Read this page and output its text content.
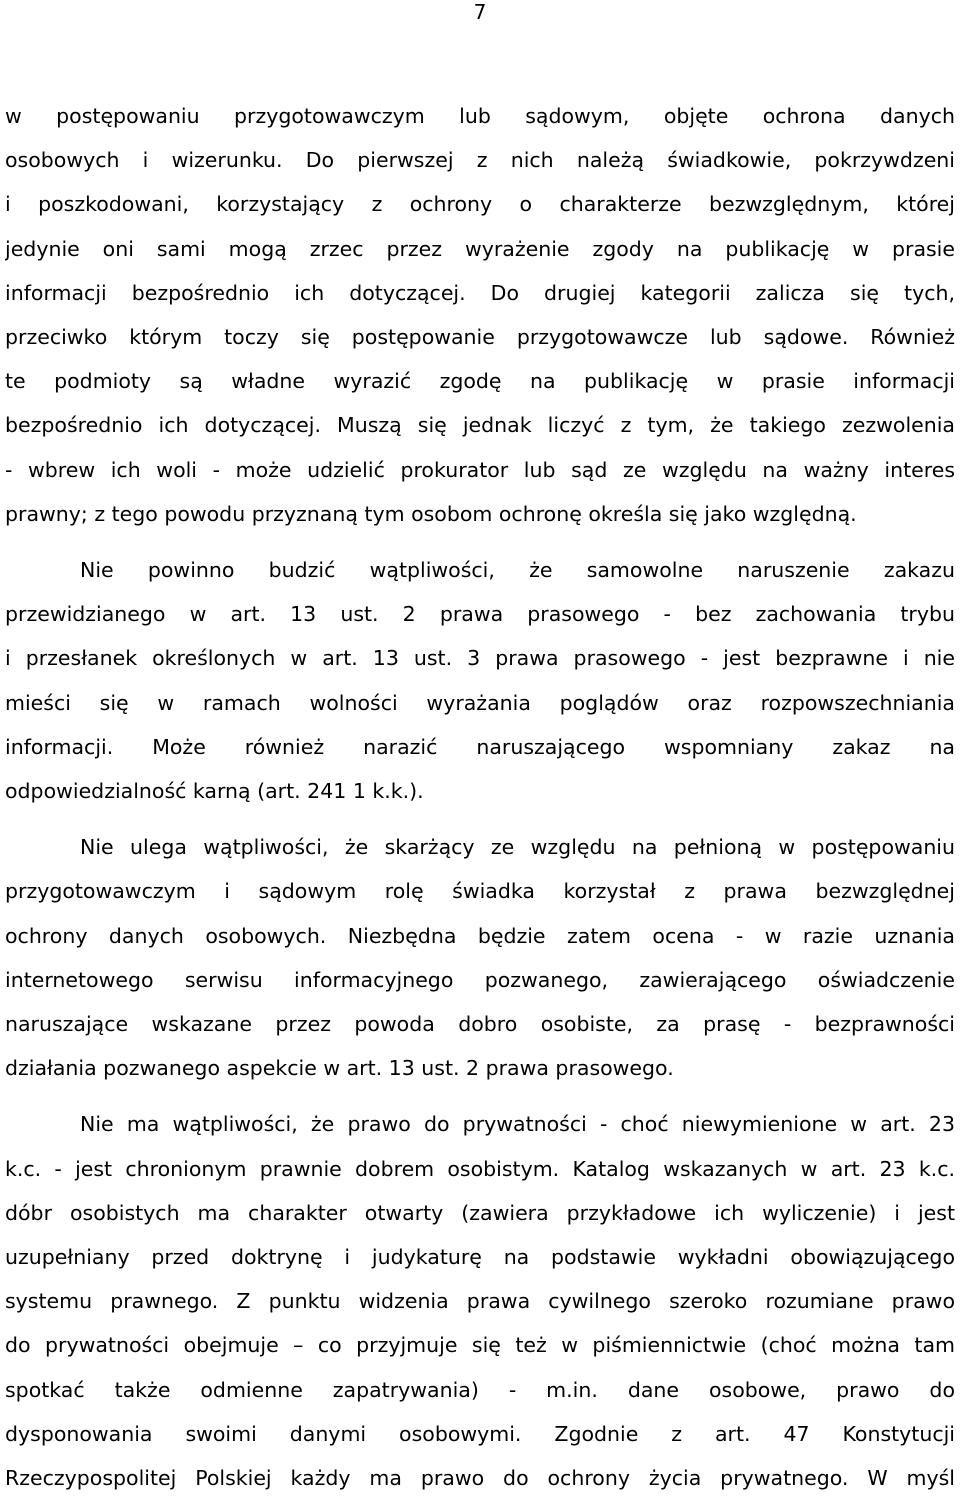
7
w postępowaniu przygotowawczym lub sądowym, objęte ochrona danych
osobowych i wizerunku. Do pierwszej z nich należą świadkowie, pokrzywdzeni
i poszkodowani, korzystający z ochrony o charakterze bezwzględnym, której
jedynie oni sami mogą zrzec przez wyrażenie zgody na publikację w prasie
informacji bezpośrednio ich dotyczącej. Do drugiej kategorii zalicza się tych,
przeciwko którym toczy się postępowanie przygotowawcze lub sądowe. Również
te podmioty są władne wyrazić zgodę na publikację w prasie informacji
bezpośrednio ich dotyczącej. Muszą się jednak liczyć z tym, że takiego zezwolenia
- wbrew ich woli - może udzielić prokurator lub sąd ze względu na ważny interes
prawny; z tego powodu przyznaną tym osobom ochronę określa się jako względną.
Nie powinno budzić wątpliwości, że samowolne naruszenie zakazu
przewidzianego w art. 13 ust. 2 prawa prasowego - bez zachowania trybu
i przesłanek określonych w art. 13 ust. 3 prawa prasowego - jest bezprawne i nie
mieści się w ramach wolności wyrażania poglądów oraz rozpowszechniania
informacji. Może również narazić naruszającego wspomniany zakaz na
odpowiedzialność karną (art. 241 1 k.k.).
Nie ulega wątpliwości, że skarżący ze względu na pełnioną w postępowaniu
przygotowawczym i sądowym rolę świadka korzystał z prawa bezwzględnej
ochrony danych osobowych. Niezbędna będzie zatem ocena - w razie uznania
internetowego serwisu informacyjnego pozwanego, zawierającego oświadczenie
naruszające wskazane przez powoda dobro osobiste, za prasę - bezprawności
działania pozwanego aspekcie w art. 13 ust. 2 prawa prasowego.
Nie ma wątpliwości, że prawo do prywatności - choć niewymienione w art. 23
k.c. - jest chronionym prawnie dobrem osobistym. Katalog wskazanych w art. 23 k.c.
dóbr osobistych ma charakter otwarty (zawiera przykładowe ich wyliczenie) i jest
uzupełniany przed doktrynę i judykaturę na podstawie wykładni obowiązującego
systemu prawnego. Z punktu widzenia prawa cywilnego szeroko rozumiane prawo
do prywatności obejmuje – co przyjmuje się też w piśmiennictwie (choć można tam
spotkać także odmienne zapatrywania) - m.in. dane osobowe, prawo do
dysponowania swoimi danymi osobowymi. Zgodnie z art. 47 Konstytucji
Rzeczypospolitej Polskiej każdy ma prawo do ochrony życia prywatnego. W myśl
